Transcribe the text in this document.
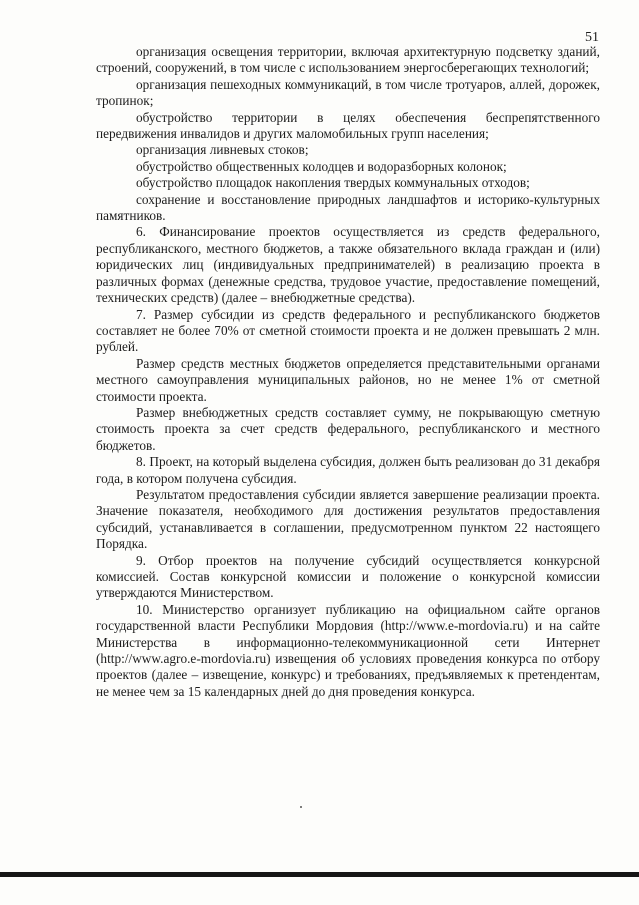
51

организация освещения территории, включая архитектурную подсветку зданий, строений, сооружений, в том числе с использованием энергосберегающих технологий;

организация пешеходных коммуникаций, в том числе тротуаров, аллей, дорожек, тропинок;

обустройство территории в целях обеспечения беспрепятственного передвижения инвалидов и других маломобильных групп населения;

организация ливневых стоков;

обустройство общественных колодцев и водоразборных колонок;

обустройство площадок накопления твердых коммунальных отходов;

сохранение и восстановление природных ландшафтов и историко-культурных памятников.

6. Финансирование проектов осуществляется из средств федерального, республиканского, местного бюджетов, а также обязательного вклада граждан и (или) юридических лиц (индивидуальных предпринимателей) в реализацию проекта в различных формах (денежные средства, трудовое участие, предоставление помещений, технических средств) (далее – внебюджетные средства).

7. Размер субсидии из средств федерального и республиканского бюджетов составляет не более 70% от сметной стоимости проекта и не должен превышать 2 млн. рублей.

Размер средств местных бюджетов определяется представительными органами местного самоуправления муниципальных районов, но не менее 1% от сметной стоимости проекта.

Размер внебюджетных средств составляет сумму, не покрывающую сметную стоимость проекта за счет средств федерального, республиканского и местного бюджетов.

8. Проект, на который выделена субсидия, должен быть реализован до 31 декабря года, в котором получена субсидия.

Результатом предоставления субсидии является завершение реализации проекта. Значение показателя, необходимого для достижения результатов предоставления субсидий, устанавливается в соглашении, предусмотренном пунктом 22 настоящего Порядка.

9. Отбор проектов на получение субсидий осуществляется конкурсной комиссией. Состав конкурсной комиссии и положение о конкурсной комиссии утверждаются Министерством.

10. Министерство организует публикацию на официальном сайте органов государственной власти Республики Мордовия (http://www.e-mordovia.ru) и на сайте Министерства в информационно-телекоммуникационной сети Интернет (http://www.agro.e-mordovia.ru) извещения об условиях проведения конкурса по отбору проектов (далее – извещение, конкурс) и требованиях, предъявляемых к претендентам, не менее чем за 15 календарных дней до дня проведения конкурса.
